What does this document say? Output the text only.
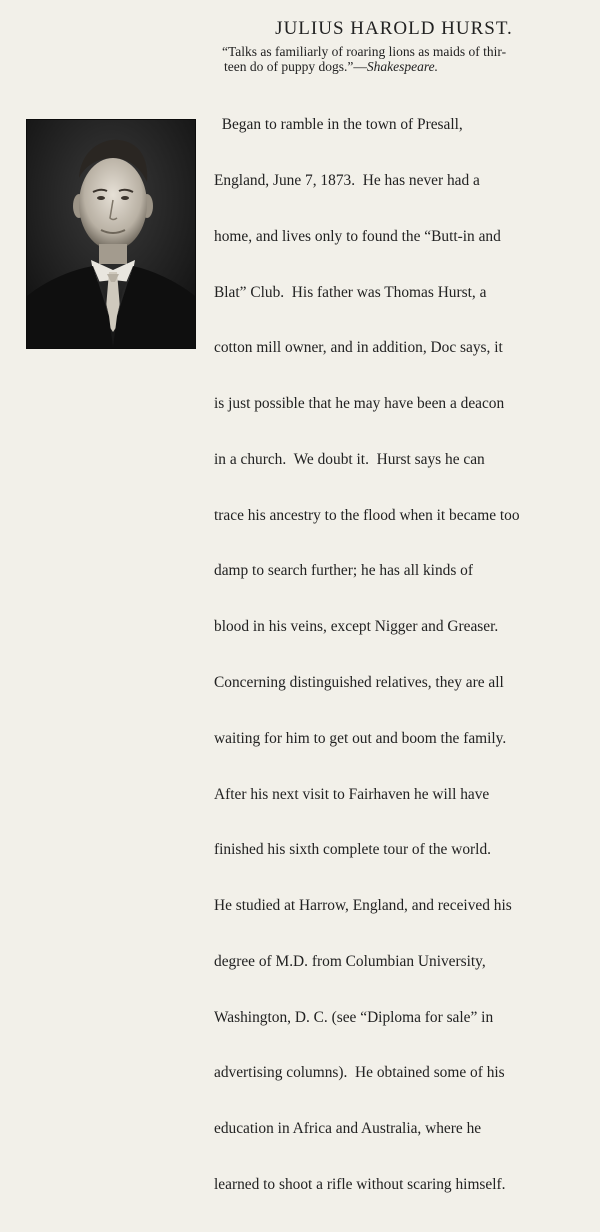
JULIUS HAROLD HURST.

“Talks as familiarly of roaring lions as maids of thir-
teen do of puppy dogs.”—Shakespeare.

Began to ramble in the town of Presall,

England, June 7, 1873.  He has never had a

home, and lives only to found the “Butt-in and

Blat” Club.  His father was Thomas Hurst, a

cotton mill owner, and in addition, Doc says, it

is just possible that he may have been a deacon

in a church.  We doubt it.  Hurst says he can

trace his ancestry to the flood when it became too

damp to search further; he has all kinds of

blood in his veins, except Nigger and Greaser.

Concerning distinguished relatives, they are all

waiting for him to get out and boom the family.

After his next visit to Fairhaven he will have

finished his sixth complete tour of the world.

He studied at Harrow, England, and received his

degree of M.D. from Columbian University,

Washington, D. C. (see “Diploma for sale” in

advertising columns).  He obtained some of his

education in Africa and Australia, where he

learned to shoot a rifle without scaring himself.
